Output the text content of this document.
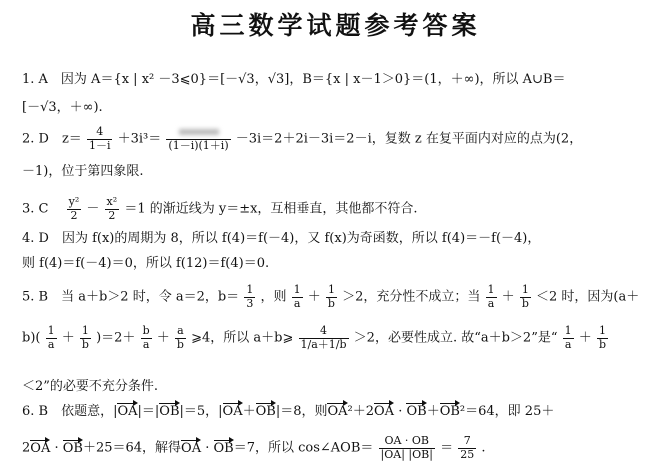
高三数学试题参考答案
1. A　因为 A＝{x | x² －3⩽0}＝[－√3，√3]，B＝{x | x－1＞0}＝(1，＋∞)，所以 A∪B＝
[－√3，＋∞).
2. D　$z= \frac{4}{1-i} +3i^3= (1-i)(1+i) -3i=2+2i-3i=2-i$，复数 z 在复平面内对应的点为(2，
－1)，位于第四象限.
3. C　 $\frac{\text{y²}}{2} - \frac{\text{x²}}{2} =1$ 的渐近线为 y＝±x，互相垂直，其他都不符合.
4. D　因为 f(x)的周期为 8，所以 f(4)＝f(－4)，又 f(x)为奇函数，所以 f(4)＝－f(－4)，
则 f(4)＝f(－4)＝0，所以 f(12)＝f(4)＝0.
5. B　当 a＋b＞2 时，令 a＝2，$b= \frac{1}{3}$ ，则 $\frac{1}{a} + \frac{1}{b} >2$，充分性不成立；当 $\frac{1}{a} + \frac{1}{b} <2$ 时，因为(a＋
$b)( \frac{1}{a} + \frac{1}{b} )=2+ \frac{b}{a} + \frac{a}{b}$ ⩾4，所以 a＋b⩾ $\frac{4}{1/a+1/b} >2$，必要性成立. 故“a＋b＞2”是“ $\frac{1}{a} + \frac{1}{b}$
＜2”的必要不充分条件.
6. B　依题意，|OA|＝|OB|＝5，|OA＋OB|＝8，则OA²＋2OA · OB＋OB²＝64，即 25＋
2OA · OB＋25＝64，解得OA · OB＝7，所以 cos∠AOB＝ $\frac{OA \cdot OB}{|OA| |OB|} = \frac{7}{25}$ .
